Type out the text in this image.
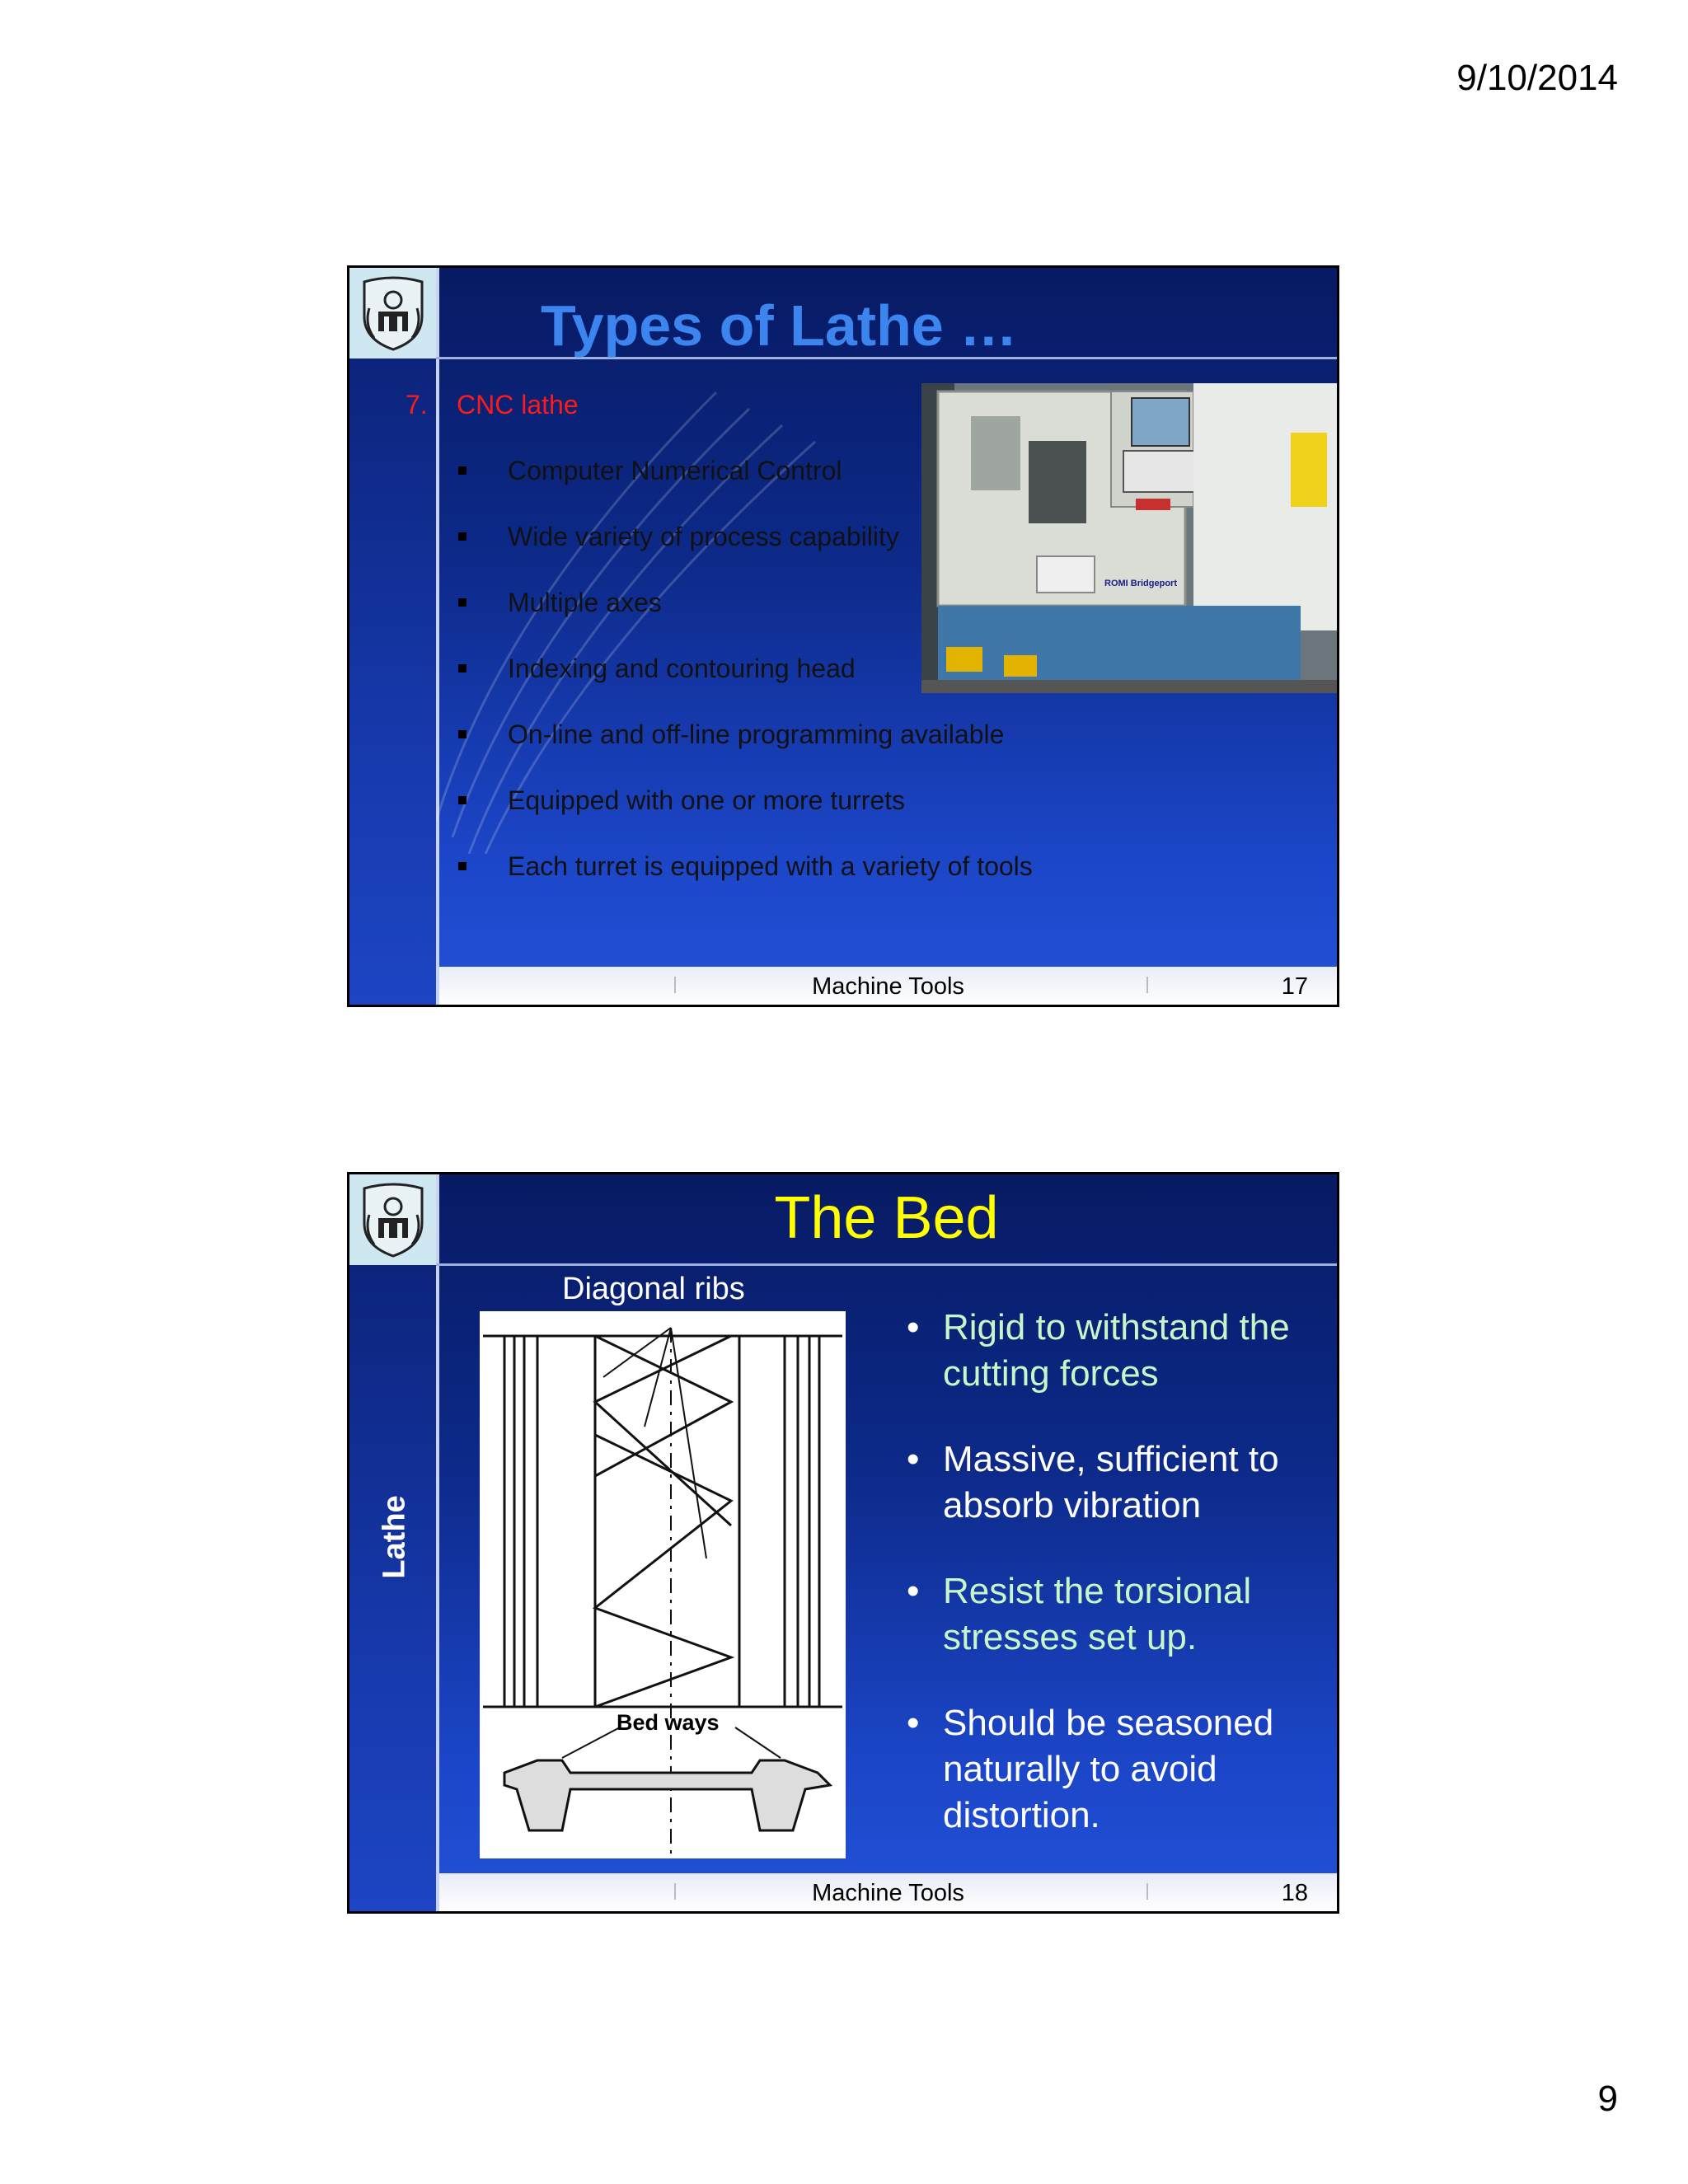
9/10/2014
Types of Lathe …
7. CNC lathe
Computer Numerical Control
Wide variety of process capability
Multiple axes
Indexing and contouring head
On-line and off-line programming available
Equipped with one or more turrets
Each turret is equipped with a variety of tools
ROMI Bridgeport
Machine Tools	17
The Bed
Lathe
Diagonal ribs
Bed ways
• Rigid to withstand the cutting forces
• Massive, sufficient to absorb vibration
• Resist the torsional stresses set up.
• Should be seasoned naturally to avoid distortion.
Machine Tools	18
9
